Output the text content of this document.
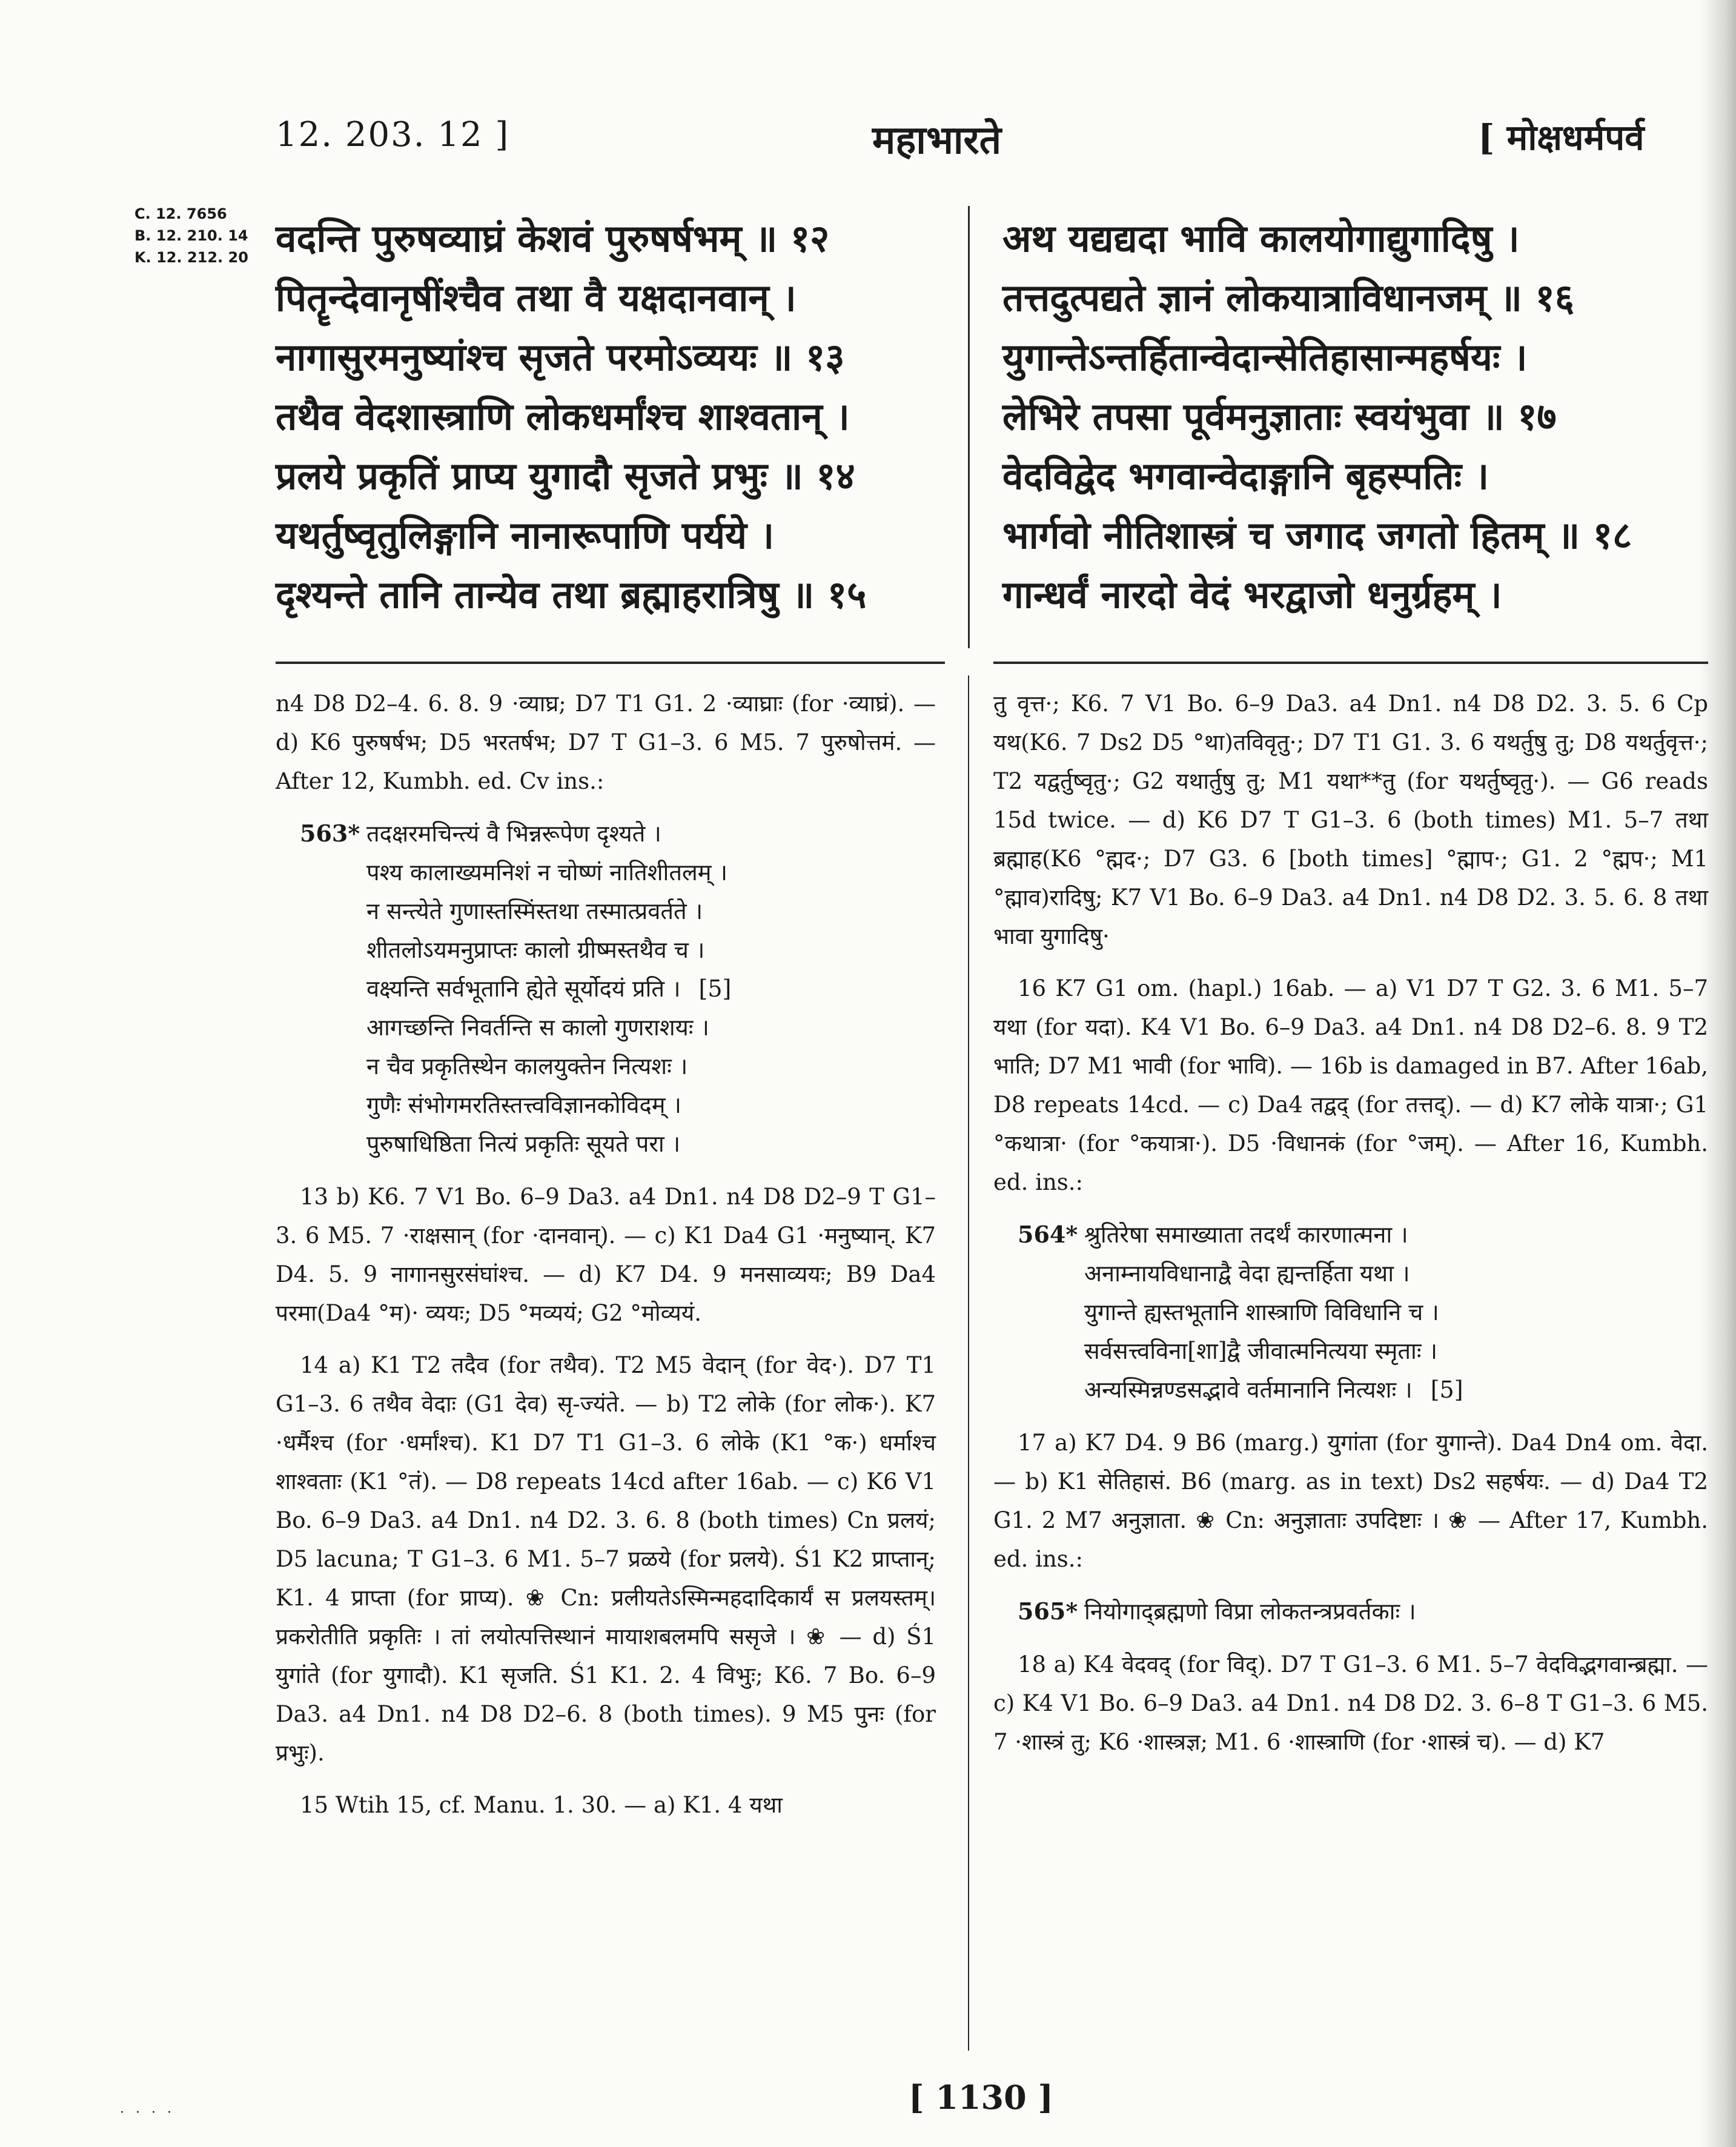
12. 203. 12 ]	महाभारते	[ मोक्षधर्मपर्व
C. 12. 7656
B. 12. 210. 14
K. 12. 212. 20 वदन्ति पुरुषव्याघ्रं केशवं पुरुषर्षभम् ॥ १२
पितॄन्देवानृषींश्चैव तथा वै यक्षदानवान् ।
नागासुरमनुष्यांश्च सृजते परमोऽव्ययः ॥ १३
तथैव वेदशास्त्राणि लोकधर्मांश्च शाश्वतान् ।
प्रलये प्रकृतिं प्राप्य युगादौ सृजते प्रभुः ॥ १४
यथर्तुष्वृतुलिङ्गानि नानारूपाणि पर्यये ।
दृश्यन्ते तानि तान्येव तथा ब्रह्माहरात्रिषु ॥ १५
अथ यद्यद्यदा भावि कालयोगाद्युगादिषु ।
तत्तदुत्पद्यते ज्ञानं लोकयात्राविधानजम् ॥ १६
युगान्तेऽन्तर्हितान्वेदान्सेतिहासान्महर्षयः ।
लेभिरे तपसा पूर्वमनुज्ञाताः स्वयंभुवा ॥ १७
वेदविद्वेद भगवान्वेदाङ्गानि बृहस्पतिः ।
भार्गवो नीतिशास्त्रं च जगाद जगतो हितम् ॥ १८
गान्धर्वं नारदो वेदं भरद्वाजो धनुर्ग्रहम् ।

n4 D8 D2–4. 6. 8. 9 ·व्याघ्र; D7 T1 G1. 2 ·व्याघ्राः (for ·व्याघ्रं). — d) K6 पुरुषर्षभ; D5 भरतर्षभ; D7 T G1–3. 6 M5. 7 पुरुषोत्तमं. — After 12, Kumbh. ed. Cv ins.:

563* तदक्षरमचिन्त्यं वै भिन्नरूपेण दृश्यते ।
पश्य कालाख्यमनिशं न चोष्णं नातिशीतलम् ।
न सन्त्येते गुणास्तस्मिंस्तथा तस्मात्प्रवर्तते ।
शीतलोऽयमनुप्राप्तः कालो ग्रीष्मस्तथैव च ।
वक्ष्यन्ति सर्वभूतानि ह्येते सूर्योदयं प्रति । [5]
आगच्छन्ति निवर्तन्ति स कालो गुणराशयः ।
न चैव प्रकृतिस्थेन कालयुक्तेन नित्यशः ।
गुणैः संभोगमरतिस्तत्त्वविज्ञानकोविदम् ।
पुरुषाधिष्ठिता नित्यं प्रकृतिः सूयते परा ।

13 b) K6. 7 V1 Bo. 6–9 Da3. a4 Dn1. n4 D8 D2–9 T G1–3. 6 M5. 7 ·राक्षसान् (for ·दानवान्). — c) K1 Da4 G1 ·मनुष्यान्. K7 D4. 5. 9 नागानसुरसंघांश्च. — d) K7 D4. 9 मनसाव्ययः; B9 Da4 परमा(Da4 °म)· व्ययः; D5 °मव्ययं; G2 °मोव्ययं.

14 a) K1 T2 तदैव (for तथैव). T2 M5 वेदान् (for वेद·). D7 T1 G1–3. 6 तथैव वेदाः (G1 देव) सृ-ज्यंते. — b) T2 लोके (for लोक·). K7 ·धर्मैश्च (for ·धर्मांश्च). K1 D7 T1 G1–3. 6 लोके (K1 °क·) धर्माश्च शाश्वताः (K1 °तं). — D8 repeats 14cd after 16ab. — c) K6 V1 Bo. 6–9 Da3. a4 Dn1. n4 D2. 3. 6. 8 (both times) Cn प्रलयं; D5 lacuna; T G1–3. 6 M1. 5–7 प्रळये (for प्रलये). Ś1 K2 प्राप्तान्; K1. 4 प्राप्ता (for प्राप्य). ❀ Cn: प्रलीयतेऽस्मिन्महदादिकार्यं स प्रलयस्तम्। प्रकरोतीति प्रकृतिः । तां लयोत्पत्तिस्थानं मायाशबलमपि ससृजे । ❀ — d) Ś1 युगांते (for युगादौ). K1 सृजति. Ś1 K1. 2. 4 विभुः; K6. 7 Bo. 6–9 Da3. a4 Dn1. n4 D8 D2–6. 8 (both times). 9 M5 पुनः (for प्रभुः).

15 Wtih 15, cf. Manu. 1. 30. — a) K1. 4 यथा

तु वृत्त·; K6. 7 V1 Bo. 6–9 Da3. a4 Dn1. n4 D8 D2. 3. 5. 6 Cp यथ(K6. 7 Ds2 D5 °था)तविवृतु·; D7 T1 G1. 3. 6 यथर्तुषु तु; D8 यथर्तुवृत्त·; T2 यद्वर्तुष्वृतु·; G2 यथार्तुषु तु; M1 यथा**तु (for यथर्तुष्वृतु·). — G6 reads 15d twice. — d) K6 D7 T G1–3. 6 (both times) M1. 5–7 तथा ब्रह्माह(K6 °ह्मद·; D7 G3. 6 [both times] °ह्माप·; G1. 2 °ह्मप·; M1 °ह्माव)रादिषु; K7 V1 Bo. 6–9 Da3. a4 Dn1. n4 D8 D2. 3. 5. 6. 8 तथा भावा युगादिषु·

16 K7 G1 om. (hapl.) 16ab. — a) V1 D7 T G2. 3. 6 M1. 5–7 यथा (for यदा). K4 V1 Bo. 6–9 Da3. a4 Dn1. n4 D8 D2–6. 8. 9 T2 भाति; D7 M1 भावी (for भावि). — 16b is damaged in B7. After 16ab, D8 repeats 14cd. — c) Da4 तद्वद् (for तत्तद्). — d) K7 लोके यात्रा·; G1 °कथात्रा· (for °कयात्रा·). D5 ·विधानकं (for °जम्). — After 16, Kumbh. ed. ins.:

564* श्रुतिरेषा समाख्याता तदर्थं कारणात्मना ।
अनाम्नायविधानाद्वै वेदा ह्यन्तर्हिता यथा ।
युगान्ते ह्यस्तभूतानि शास्त्राणि विविधानि च ।
सर्वसत्त्वविना[शा]द्वै जीवात्मनित्यया स्मृताः ।
अन्यस्मिन्नण्डसद्भावे वर्तमानानि नित्यशः । [5]

17 a) K7 D4. 9 B6 (marg.) युगांता (for युगान्ते). Da4 Dn4 om. वेदा. — b) K1 सेतिहासं. B6 (marg. as in text) Ds2 सहर्षयः. — d) Da4 T2 G1. 2 M7 अनुज्ञाता. ❀ Cn: अनुज्ञाताः उपदिष्टाः । ❀ — After 17, Kumbh. ed. ins.:

565* नियोगाद्ब्रह्मणो विप्रा लोकतन्त्रप्रवर्तकाः ।

18 a) K4 वेदवद् (for विद्). D7 T G1–3. 6 M1. 5–7 वेदविद्भगवान्ब्रह्मा. — c) K4 V1 Bo. 6–9 Da3. a4 Dn1. n4 D8 D2. 3. 6–8 T G1–3. 6 M5. 7 ·शास्त्रं तु; K6 ·शास्त्रज्ञ; M1. 6 ·शास्त्राणि (for ·शास्त्रं च). — d) K7

[ 1130 ]
· · · ·
